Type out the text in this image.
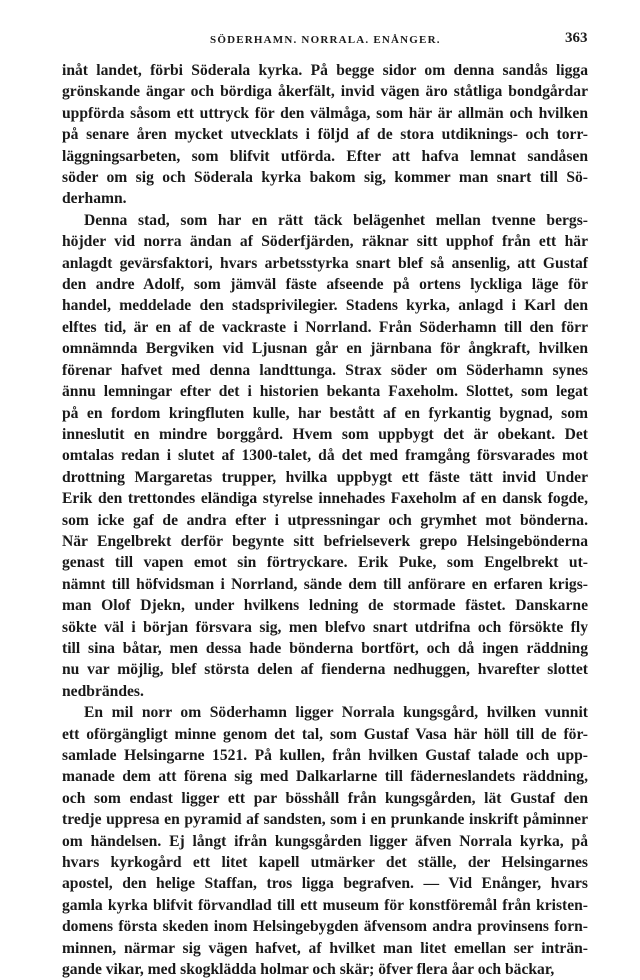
SÖDERHAMN. NORRALA. ENÅNGER.	363
inåt landet, förbi Söderala kyrka. På begge sidor om denna sandås ligga
grönskande ängar och bördiga åkerfält, invid vägen äro ståtliga bondgårdar
uppförda såsom ett uttryck för den välmåga, som här är allmän och hvilken
på senare åren mycket utvecklats i följd af de stora utdiknings- och torr-
läggningsarbeten, som blifvit utförda. Efter att hafva lemnat sandåsen
söder om sig och Söderala kyrka bakom sig, kommer man snart till Sö-
derhamn.
Denna stad, som har en rätt täck belägenhet mellan tvenne bergs-
höjder vid norra ändan af Söderfjärden, räknar sitt upphof från ett här
anlagdt gevärsfaktori, hvars arbetsstyrka snart blef så ansenlig, att Gustaf
den andre Adolf, som jämväl fäste afseende på ortens lyckliga läge för
handel, meddelade den stadsprivilegier. Stadens kyrka, anlagd i Karl den
elftes tid, är en af de vackraste i Norrland. Från Söderhamn till den förr
omnämnda Bergviken vid Ljusnan går en järnbana för ångkraft, hvilken
förenar hafvet med denna landttunga. Strax söder om Söderhamn synes
ännu lemningar efter det i historien bekanta Faxeholm. Slottet, som legat
på en fordom kringfluten kulle, har bestått af en fyrkantig bygnad, som
inneslutit en mindre borggård. Hvem som uppbygt det är obekant. Det
omtalas redan i slutet af 1300-talet, då det med framgång försvarades mot
drottning Margaretas trupper, hvilka uppbygt ett fäste tätt invid Under
Erik den trettondes eländiga styrelse innehades Faxeholm af en dansk fogde,
som icke gaf de andra efter i utpressningar och grymhet mot bönderna.
När Engelbrekt derför begynte sitt befrielseverk grepo Helsingebönderna
genast till vapen emot sin förtryckare. Erik Puke, som Engelbrekt ut-
nämnt till höfvidsman i Norrland, sände dem till anförare en erfaren krigs-
man Olof Djekn, under hvilkens ledning de stormade fästet. Danskarne
sökte väl i början försvara sig, men blefvo snart utdrifna och försökte fly
till sina båtar, men dessa hade bönderna bortfört, och då ingen räddning
nu var möjlig, blef största delen af fienderna nedhuggen, hvarefter slottet
nedbrändes.
En mil norr om Söderhamn ligger Norrala kungsgård, hvilken vunnit
ett oförgängligt minne genom det tal, som Gustaf Vasa här höll till de för-
samlade Helsingarne 1521. På kullen, från hvilken Gustaf talade och upp-
manade dem att förena sig med Dalkarlarne till fäderneslandets räddning,
och som endast ligger ett par bösshåll från kungsgården, lät Gustaf den
tredje uppresa en pyramid af sandsten, som i en prunkande inskrift påminner
om händelsen. Ej långt ifrån kungsgården ligger äfven Norrala kyrka, på
hvars kyrkogård ett litet kapell utmärker det ställe, der Helsingarnes
apostel, den helige Staffan, tros ligga begrafven. — Vid Enånger, hvars
gamla kyrka blifvit förvandlad till ett museum för konstföremål från kristen-
domens första skeden inom Helsingebygden äfvensom andra provinsens forn-
minnen, närmar sig vägen hafvet, af hvilket man litet emellan ser inträn-
gande vikar, med skogklädda holmar och skär; öfver flera åar och bäckar,
